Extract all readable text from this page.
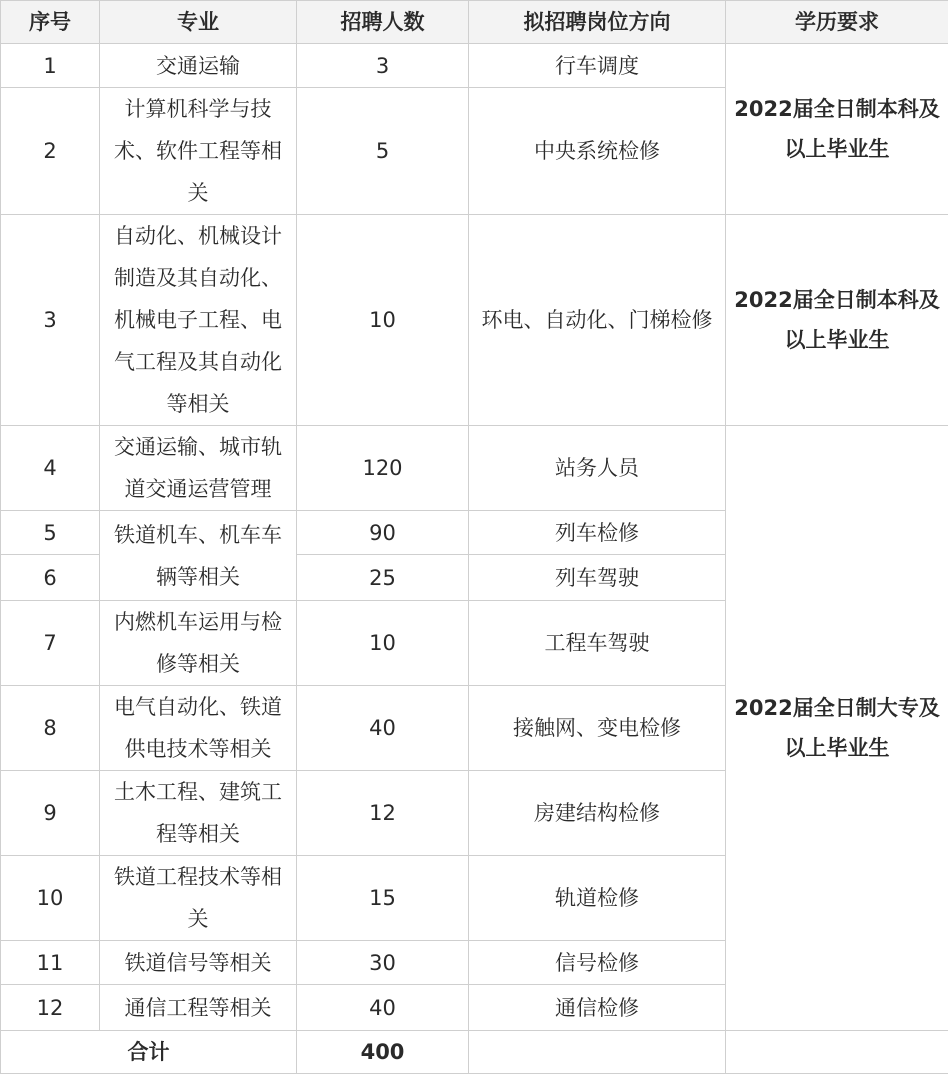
序号	专业	招聘人数	拟招聘岗位方向	学历要求
1	交通运输	3	行车调度	2022届全日制本科及以上毕业生
2	计算机科学与技术、软件工程等相关	5	中央系统检修	
3	自动化、机械设计制造及其自动化、机械电子工程、电气工程及其自动化等相关	10	环电、自动化、门梯检修	2022届全日制本科及以上毕业生
4	交通运输、城市轨道交通运营管理	120	站务人员	2022届全日制大专及以上毕业生
5	铁道机车、机车车辆等相关	90	列车检修	
6		25	列车驾驶	
7	内燃机车运用与检修等相关	10	工程车驾驶	
8	电气自动化、铁道供电技术等相关	40	接触网、变电检修	
9	土木工程、建筑工程等相关	12	房建结构检修	
10	铁道工程技术等相关	15	轨道检修	
11	铁道信号等相关	30	信号检修	
12	通信工程等相关	40	通信检修	
合计		400		
